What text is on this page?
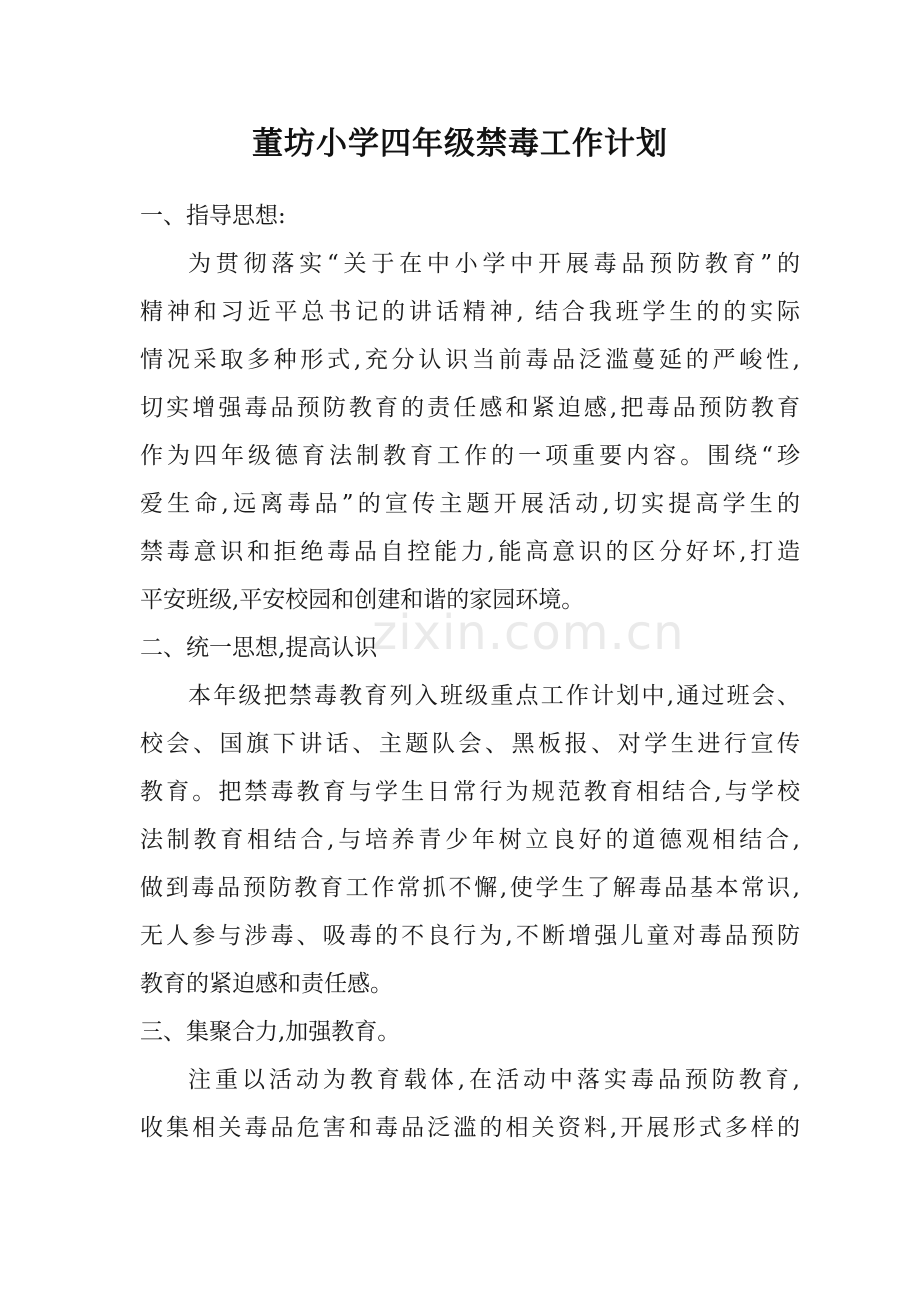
董坊小学四年级禁毒工作计划
一、指导思想:
为贯彻落实“关于在中小学中开展毒品预防教育”的
精神和习近平总书记的讲话精神, 结合我班学生的的实际
情况采取多种形式,充分认识当前毒品泛滥蔓延的严峻性,
切实增强毒品预防教育的责任感和紧迫感,把毒品预防教育
作为四年级德育法制教育工作的一项重要内容。围绕“珍
爱生命,远离毒品”的宣传主题开展活动,切实提高学生的
禁毒意识和拒绝毒品自控能力,能高意识的区分好坏,打造
平安班级,平安校园和创建和谐的家园环境。
二、统一思想,提高认识
本年级把禁毒教育列入班级重点工作计划中,通过班会、
校会、国旗下讲话、主题队会、黑板报、对学生进行宣传
教育。把禁毒教育与学生日常行为规范教育相结合,与学校
法制教育相结合,与培养青少年树立良好的道德观相结合,
做到毒品预防教育工作常抓不懈,使学生了解毒品基本常识,
无人参与涉毒、吸毒的不良行为,不断增强儿童对毒品预防
教育的紧迫感和责任感。
三、集聚合力,加强教育。
注重以活动为教育载体,在活动中落实毒品预防教育,
收集相关毒品危害和毒品泛滥的相关资料,开展形式多样的
zixin.com.cn
